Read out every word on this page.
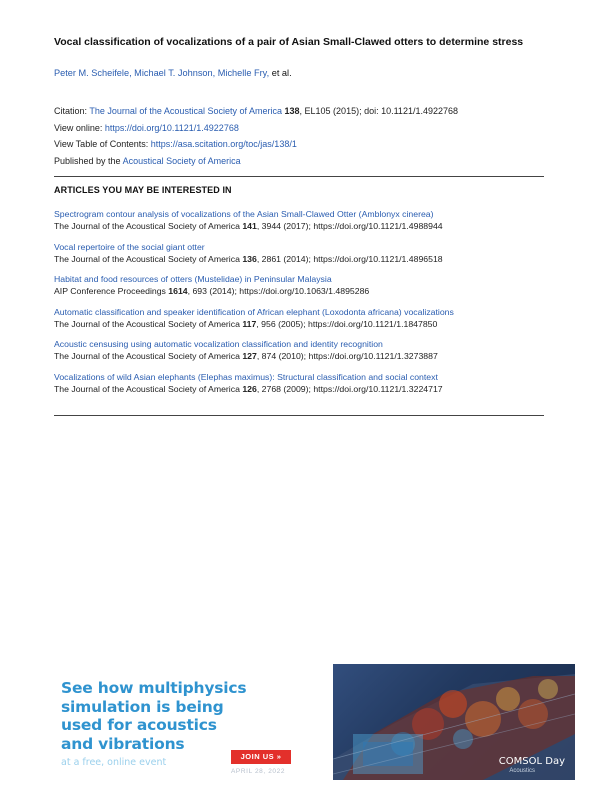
Vocal classification of vocalizations of a pair of Asian Small-Clawed otters to determine stress
Peter M. Scheifele, Michael T. Johnson, Michelle Fry, et al.
Citation: The Journal of the Acoustical Society of America 138, EL105 (2015); doi: 10.1121/1.4922768
View online: https://doi.org/10.1121/1.4922768
View Table of Contents: https://asa.scitation.org/toc/jas/138/1
Published by the Acoustical Society of America
ARTICLES YOU MAY BE INTERESTED IN
Spectrogram contour analysis of vocalizations of the Asian Small-Clawed Otter (Amblonyx cinerea)
The Journal of the Acoustical Society of America 141, 3944 (2017); https://doi.org/10.1121/1.4988944
Vocal repertoire of the social giant otter
The Journal of the Acoustical Society of America 136, 2861 (2014); https://doi.org/10.1121/1.4896518
Habitat and food resources of otters (Mustelidae) in Peninsular Malaysia
AIP Conference Proceedings 1614, 693 (2014); https://doi.org/10.1063/1.4895286
Automatic classification and speaker identification of African elephant (Loxodonta africana) vocalizations
The Journal of the Acoustical Society of America 117, 956 (2005); https://doi.org/10.1121/1.1847850
Acoustic censusing using automatic vocalization classification and identity recognition
The Journal of the Acoustical Society of America 127, 874 (2010); https://doi.org/10.1121/1.3273887
Vocalizations of wild Asian elephants (Elephas maximus): Structural classification and social context
The Journal of the Acoustical Society of America 126, 2768 (2009); https://doi.org/10.1121/1.3224717
See how multiphysics
simulation is being
used for acoustics
and vibrations
at a free, online event
JOIN US »
APRIL 28, 2022
COMSOL Day
Acoustics
